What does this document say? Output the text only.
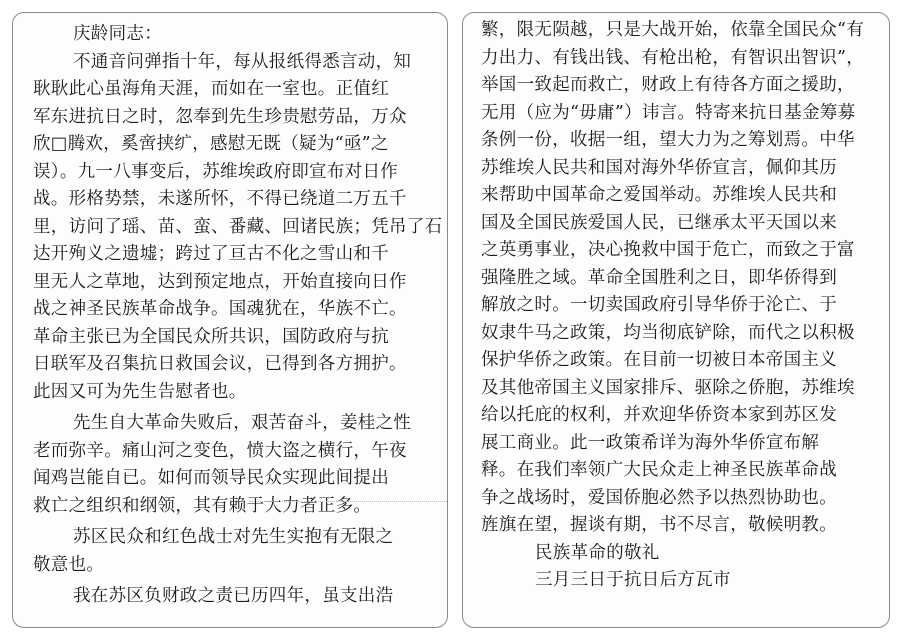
庆龄同志：
不通音问弹指十年，每从报纸得悉言动，知
耿耿此心虽海角天涯，而如在一室也。正值红
军东进抗日之时，忽奉到先生珍贵慰劳品，万众
欣□腾欢，奚啻挟纩，感慰无既（疑为“亟”之
误）。九一八事变后，苏维埃政府即宣布对日作
战。形格势禁，未遂所怀，不得已绕道二万五千
里，访问了瑶、苗、蛮、番藏、回诸民族；凭吊了石
达开殉义之遗墟；跨过了亘古不化之雪山和千
里无人之草地，达到预定地点，开始直接向日作
战之神圣民族革命战争。国魂犹在，华族不亡。
革命主张已为全国民众所共识，国防政府与抗
日联军及召集抗日救国会议，已得到各方拥护。
此因又可为先生告慰者也。
先生自大革命失败后，艰苦奋斗，姜桂之性
老而弥辛。痛山河之变色，愤大盗之横行，午夜
闻鸡岂能自已。如何而领导民众实现此间提出
救亡之组织和纲领，其有赖于大力者正多。
苏区民众和红色战士对先生实抱有无限之
敬意也。
我在苏区负财政之责已历四年，虽支出浩
繁，限无陨越，只是大战开始，依靠全国民众“有
力出力、有钱出钱、有枪出枪，有智识出智识”，
举国一致起而救亡，财政上有待各方面之援助，
无用（应为“毋庸”）讳言。特寄来抗日基金筹募
条例一份，收据一组，望大力为之筹划焉。中华
苏维埃人民共和国对海外华侨宣言，佩仰其历
来帮助中国革命之爱国举动。苏维埃人民共和
国及全国民族爱国人民，已继承太平天国以来
之英勇事业，决心挽救中国于危亡，而致之于富
强隆胜之域。革命全国胜利之日，即华侨得到
解放之时。一切卖国政府引导华侨于沦亡、于
奴隶牛马之政策，均当彻底铲除，而代之以积极
保护华侨之政策。在目前一切被日本帝国主义
及其他帝国主义国家排斥、驱除之侨胞，苏维埃
给以托庇的权利，并欢迎华侨资本家到苏区发
展工商业。此一政策希详为海外华侨宣布解
释。在我们率领广大民众走上神圣民族革命战
争之战场时，爱国侨胞必然予以热烈协助也。
旌旗在望，握谈有期，书不尽言，敬候明教。
民族革命的敬礼
三月三日于抗日后方瓦市
